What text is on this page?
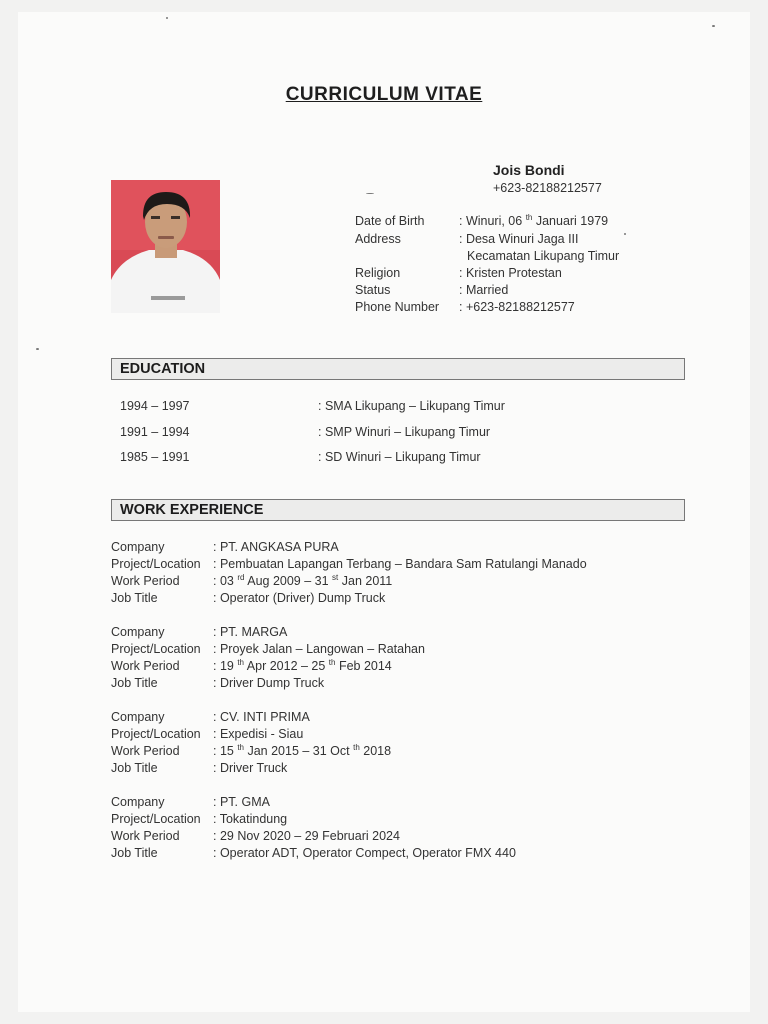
CURRICULUM VITAE
Jois Bondi
+623-82188212577
Date of Birth	: Winuri, 06 $^{th}$ Januari 1979
Address	: Desa Winuri Jaga III
Kecamatan Likupang Timur
Religion	: Kristen Protestan
Status	: Married
Phone Number : +623-82188212577
EDUCATION
1994 – 1997	: SMA Likupang – Likupang Timur
1991 – 1994	: SMP Winuri – Likupang Timur
1985 – 1991	: SD Winuri – Likupang Timur
WORK EXPERIENCE
Company	: PT. ANGKASA PURA
Project/Location : Pembuatan Lapangan Terbang – Bandara Sam Ratulangi Manado
Work Period	: 03 $^{rd}$ Aug 2009 – 31 $^{st}$ Jan 2011
Job Title	: Operator (Driver) Dump Truck
Company	: PT. MARGA
Project/Location : Proyek Jalan – Langowan – Ratahan
Work Period	: 19 $^{th}$ Apr 2012 – 25 $^{th}$ Feb 2014
Job Title	: Driver Dump Truck
Company	: CV. INTI PRIMA
Project/Location : Expedisi - Siau
Work Period	: 15 $^{th}$ Jan 2015 – 31 Oct $^{th}$ 2018
Job Title	: Driver Truck
Company	: PT. GMA
Project/Location : Tokatindung
Work Period	: 29 Nov 2020 – 29 Februari 2024
Job Title	: Operator ADT, Operator Compect, Operator FMX 440
